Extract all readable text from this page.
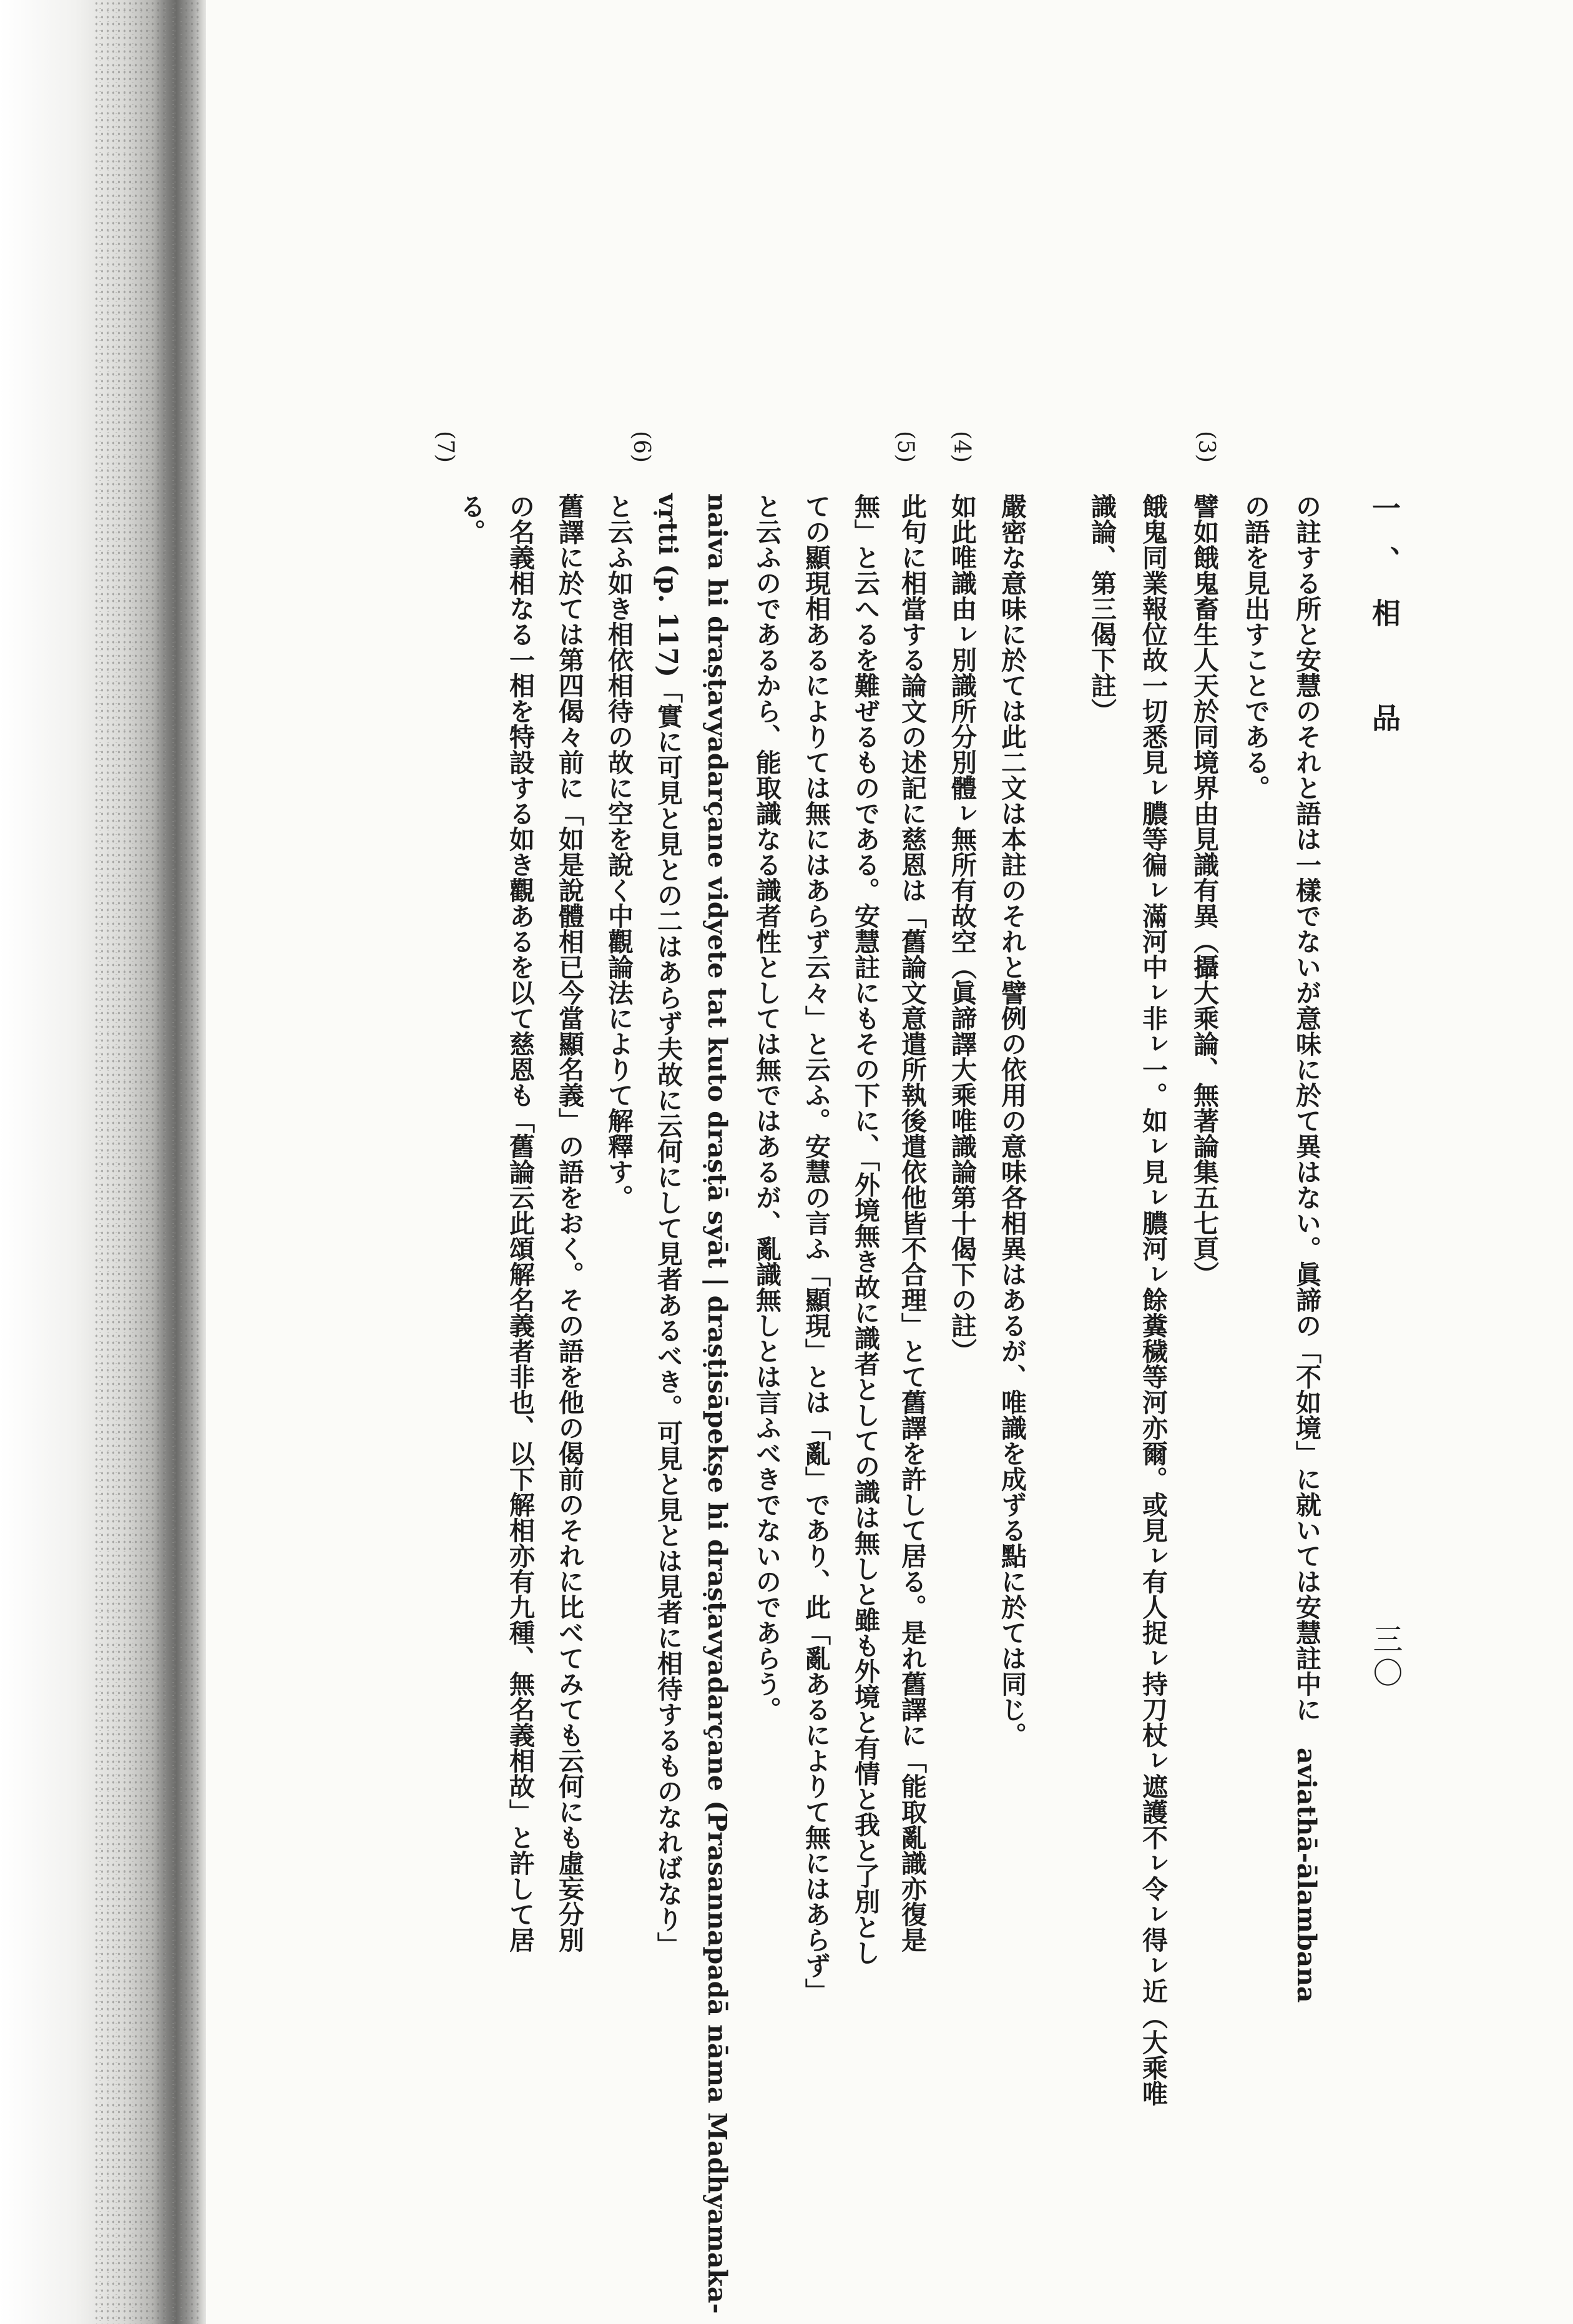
一、相　品
三〇
(3)
(4)
(5)
(6)
(7)
の註する所と安慧のそれと語は一樣でないが意味に於て異はない。眞諦の「不如境」に就いては安慧註中に　aviathā-ālambana
の語を見出すことである。
譬如餓鬼畜生人天於同境界由見識有異（攝大乘論、無著論集五七頁）
餓鬼同業報位故一切悉見ㇾ膿等徧ㇾ滿河中ㇾ非ㇾ一。如ㇾ見ㇾ膿河ㇾ餘糞穢等河亦爾。或見ㇾ有人捉ㇾ持刀杖ㇾ遮護不ㇾ令ㇾ得ㇾ近（大乘唯
識論、第三偈下註）
嚴密な意味に於ては此二文は本註のそれと譬例の依用の意味各相異はあるが、唯識を成ずる點に於ては同じ。
如此唯識由ㇾ別識所分別體ㇾ無所有故空（眞諦譯大乘唯識論第十偈下の註）
此句に相當する論文の述記に慈恩は「舊論文意遣所執後遣依他皆不合理」とて舊譯を許して居る。是れ舊譯に「能取亂識亦復是
無」と云へるを難ぜるものである。安慧註にもその下に、「外境無き故に識者としての識は無しと雖も外境と有情と我と了別とし
ての顯現相あるによりては無にはあらず云々」と云ふ。安慧の言ふ「顯現」とは「亂」であり、此「亂あるによりて無にはあらず」
と云ふのであるから、能取識なる識者性としては無ではあるが、亂識無しとは言ふべきでないのであらう。
naiva hi draṣṭavyadarçane vidyete tat kuto draṣṭā syāt | draṣṭisāpekṣe hi draṣṭavyadarçane (Prasannapadā nāma Madhyamaka-
vṛtti (p. 117)「實に可見と見との二はあらず夫故に云何にして見者あるべき。可見と見とは見者に相待するものなればなり」
と云ふ如き相依相待の故に空を說く中觀論法によりて解釋す。
舊譯に於ては第四偈々前に「如是說體相已今當顯名義」の語をおく。その語を他の偈前のそれに比べてみても云何にも虛妄分別
の名義相なる一相を特設する如き觀あるを以て慈恩も「舊論云此頌解名義者非也、以下解相亦有九種、無名義相故」と許して居
る。
